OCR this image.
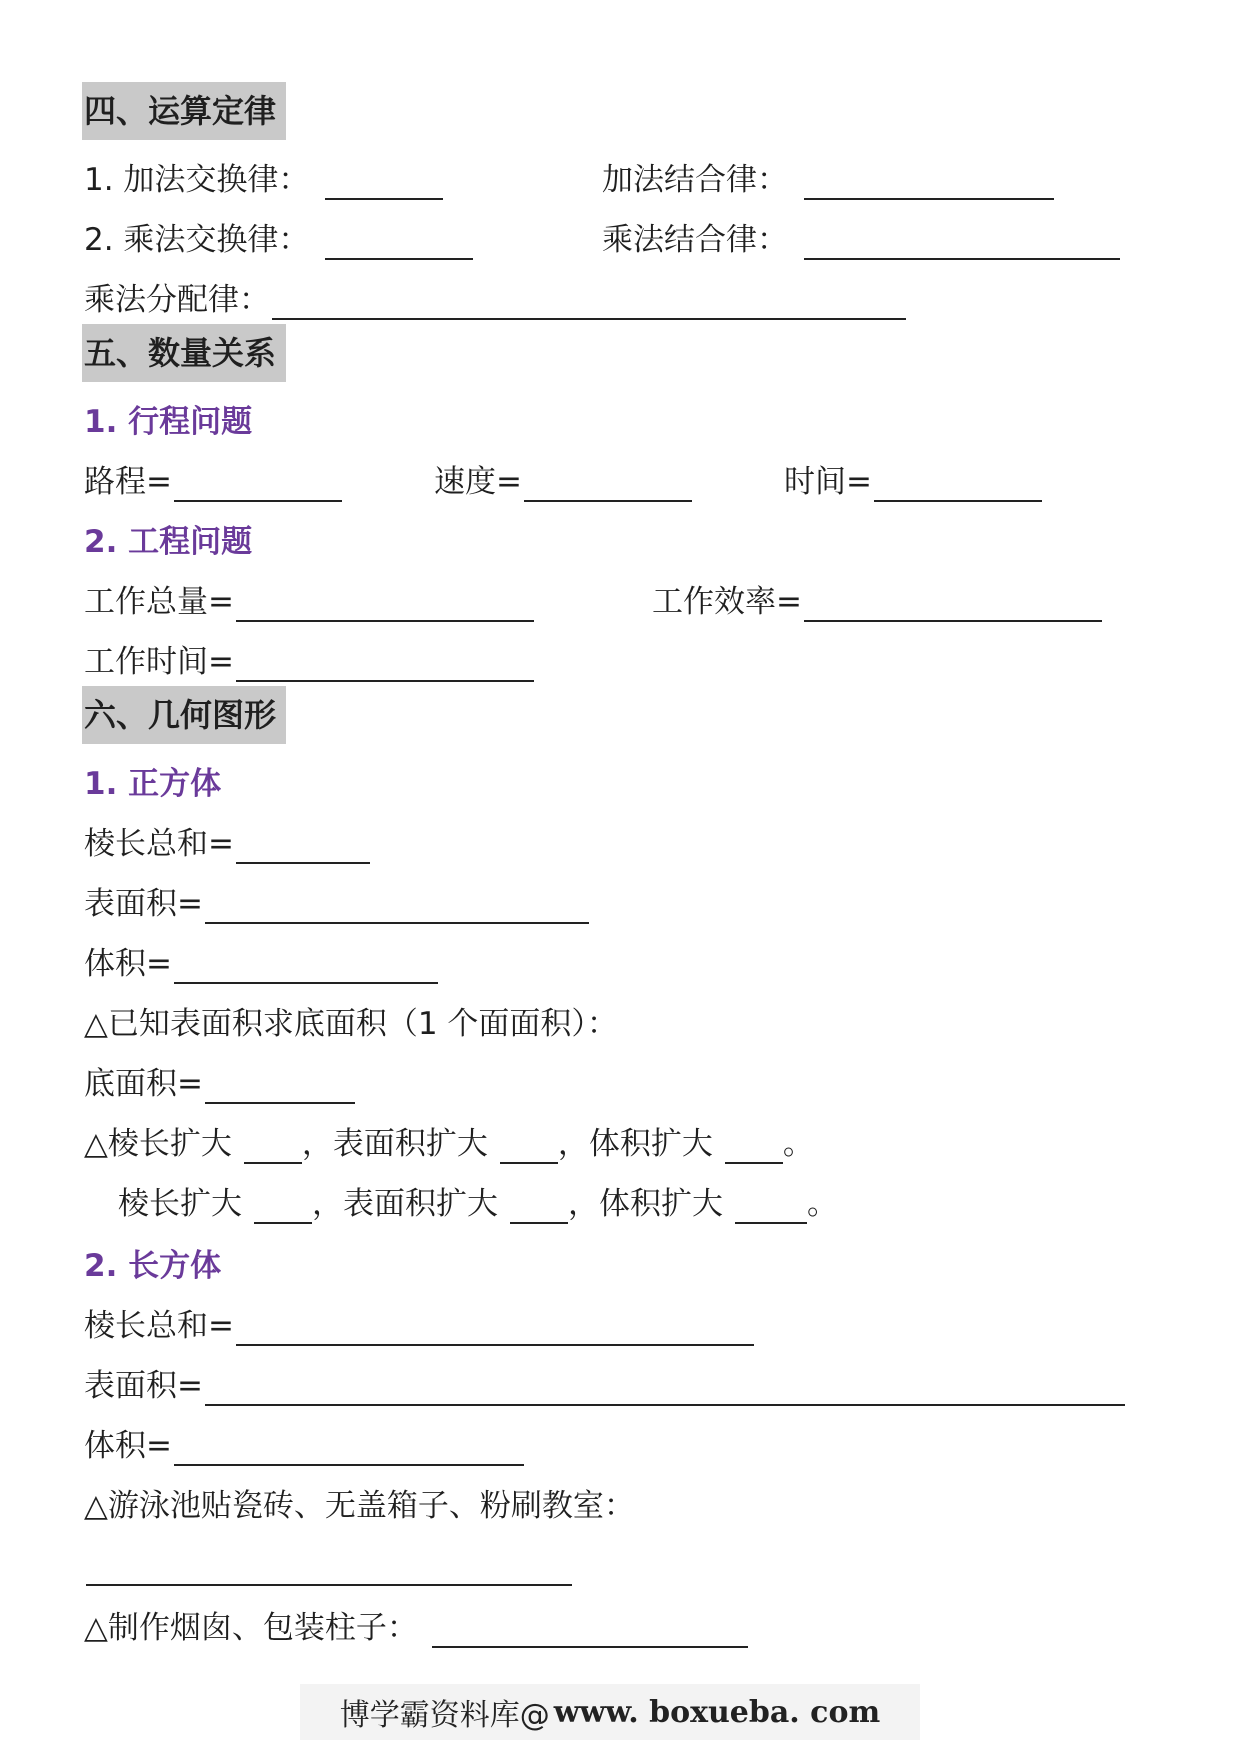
四、运算定律
1. 加法交换律：	加法结合律：
2. 乘法交换律：	乘法结合律：
乘法分配律：
五、数量关系
1. 行程问题
路程=	速度=	时间=
2. 工程问题
工作总量=	工作效率=
工作时间=
六、几何图形
1. 正方体
棱长总和=
表面积=
体积=
△已知表面积求底面积（1 个面面积）：
底面积=
△棱长扩大 ，表面积扩大 ，体积扩大 。
棱长扩大 ，表面积扩大 ，体积扩大	。
2. 长方体
棱长总和=
表面积=
体积=
△游泳池贴瓷砖、无盖箱子、粉刷教室：
△制作烟囱、包装柱子：
博学霸资料库@ www. boxueba. com
